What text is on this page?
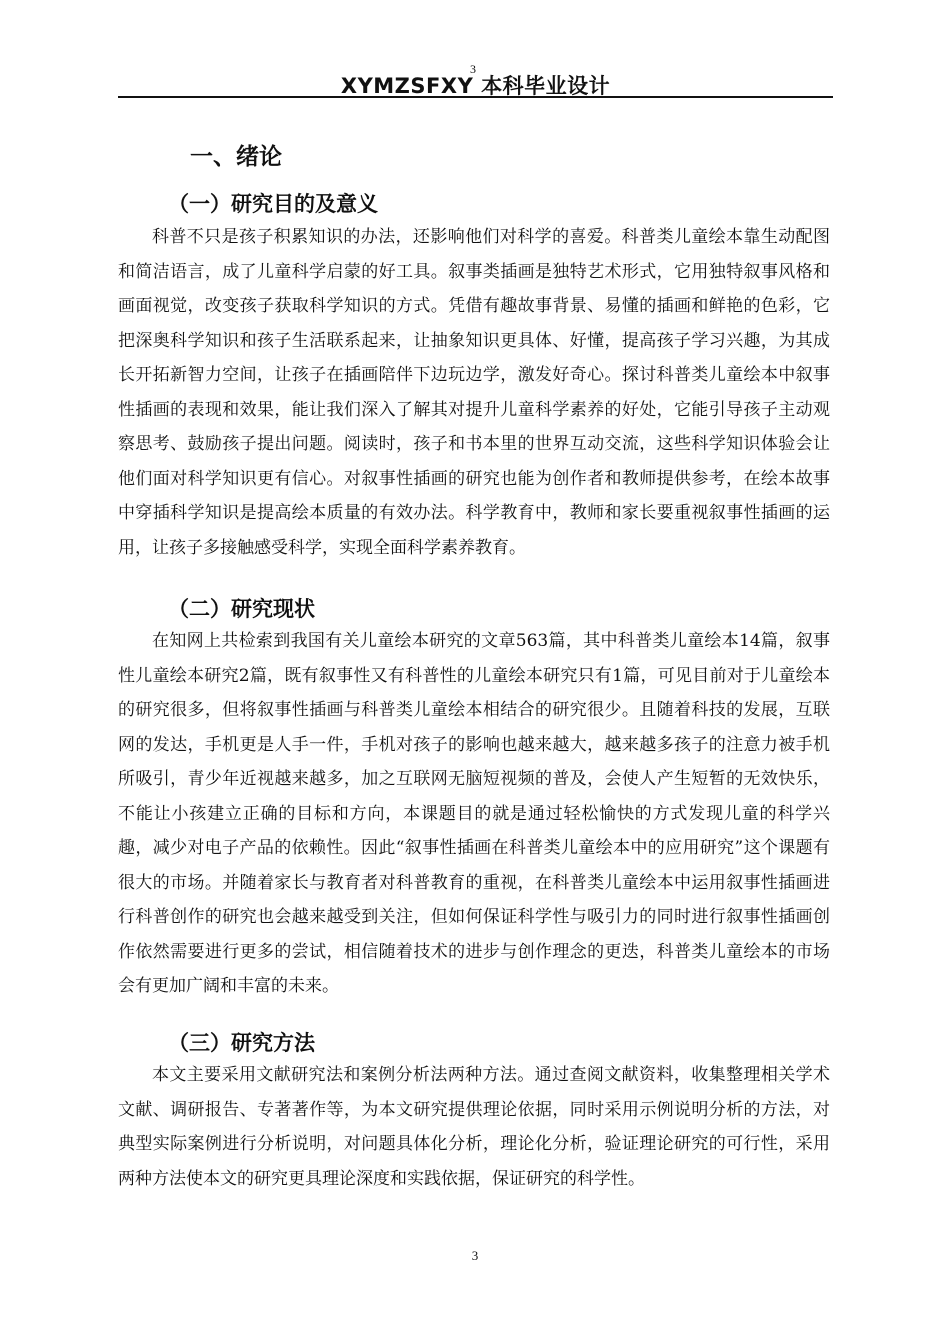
XYMZSFXY 本科毕业设计
3
一、绪论
（一）研究目的及意义

科普不只是孩子积累知识的办法，还影响他们对科学的喜爱。科普类儿童绘本靠生动配图和简洁语言，成了儿童科学启蒙的好工具。叙事类插画是独特艺术形式，它用独特叙事风格和画面视觉，改变孩子获取科学知识的方式。凭借有趣故事背景、易懂的插画和鲜艳的色彩，它把深奥科学知识和孩子生活联系起来，让抽象知识更具体、好懂，提高孩子学习兴趣，为其成长开拓新智力空间，让孩子在插画陪伴下边玩边学，激发好奇心。探讨科普类儿童绘本中叙事性插画的表现和效果，能让我们深入了解其对提升儿童科学素养的好处，它能引导孩子主动观察思考、鼓励孩子提出问题。阅读时，孩子和书本里的世界互动交流，这些科学知识体验会让他们面对科学知识更有信心。对叙事性插画的研究也能为创作者和教师提供参考，在绘本故事中穿插科学知识是提高绘本质量的有效办法。科学教育中，教师和家长要重视叙事性插画的运用，让孩子多接触感受科学，实现全面科学素养教育。

（二）研究现状

在知网上共检索到我国有关儿童绘本研究的文章563篇，其中科普类儿童绘本14篇，叙事性儿童绘本研究2篇，既有叙事性又有科普性的儿童绘本研究只有1篇，可见目前对于儿童绘本的研究很多，但将叙事性插画与科普类儿童绘本相结合的研究很少。且随着科技的发展，互联网的发达，手机更是人手一件，手机对孩子的影响也越来越大，越来越多孩子的注意力被手机所吸引，青少年近视越来越多，加之互联网无脑短视频的普及，会使人产生短暂的无效快乐，不能让小孩建立正确的目标和方向，本课题目的就是通过轻松愉快的方式发现儿童的科学兴趣，减少对电子产品的依赖性。因此“叙事性插画在科普类儿童绘本中的应用研究”这个课题有很大的市场。并随着家长与教育者对科普教育的重视，在科普类儿童绘本中运用叙事性插画进行科普创作的研究也会越来越受到关注，但如何保证科学性与吸引力的同时进行叙事性插画创作依然需要进行更多的尝试，相信随着技术的进步与创作理念的更迭，科普类儿童绘本的市场会有更加广阔和丰富的未来。

（三）研究方法

本文主要采用文献研究法和案例分析法两种方法。通过查阅文献资料，收集整理相关学术文献、调研报告、专著著作等，为本文研究提供理论依据，同时采用示例说明分析的方法，对典型实际案例进行分析说明，对问题具体化分析，理论化分析，验证理论研究的可行性，采用两种方法使本文的研究更具理论深度和实践依据，保证研究的科学性。

3
